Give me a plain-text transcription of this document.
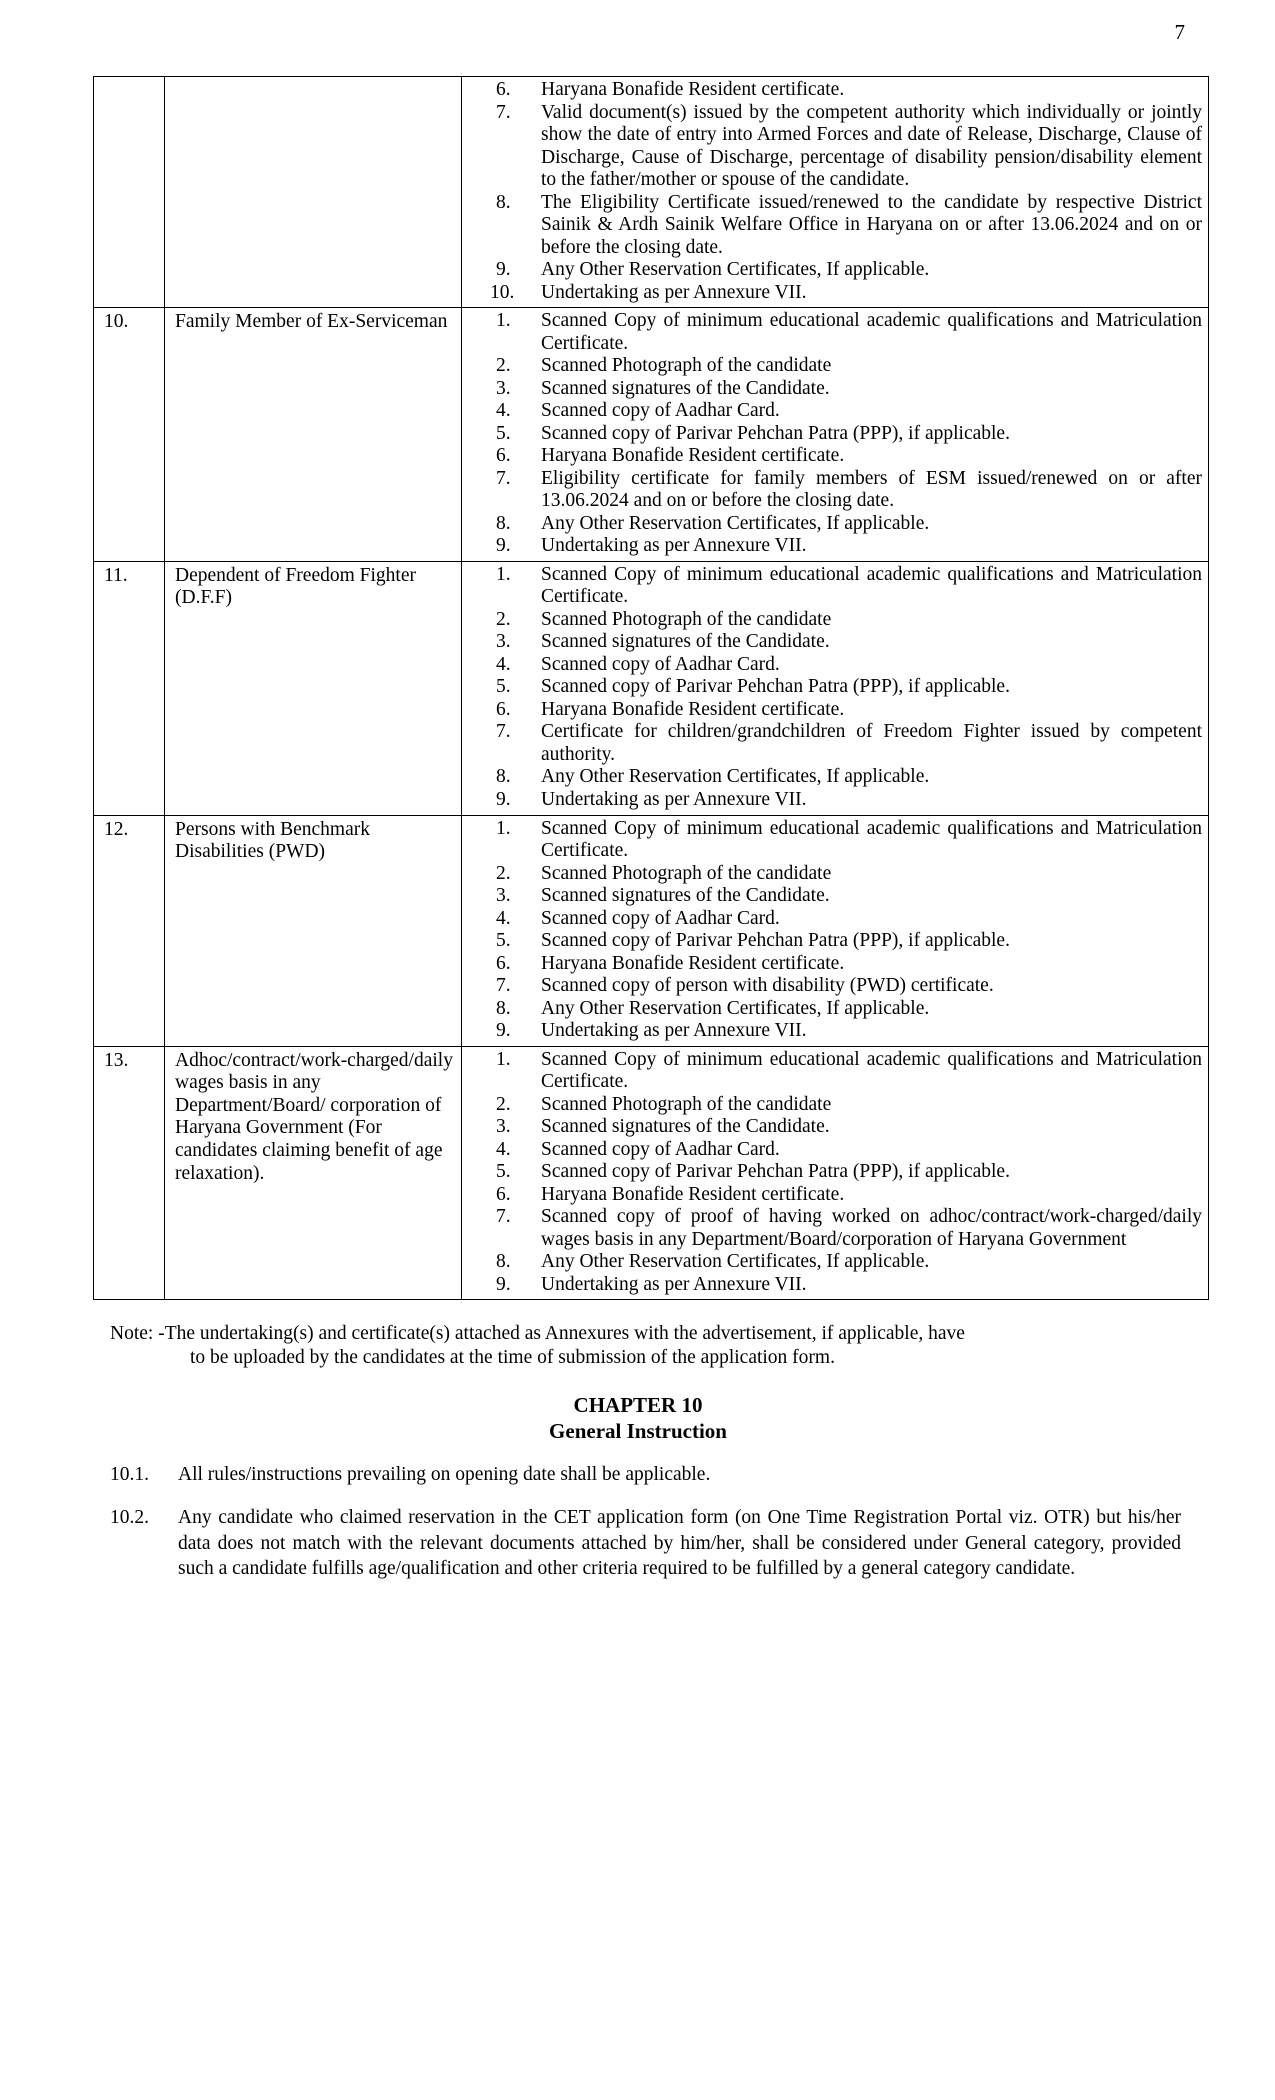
7

6.	Haryana Bonafide Resident certificate.
7.	Valid document(s) issued by the competent authority which individually or jointly show the date of entry into Armed Forces and date of Release, Discharge, Clause of Discharge, Cause of Discharge, percentage of disability pension/disability element to the father/mother or spouse of the candidate.
8.	The Eligibility Certificate issued/renewed to the candidate by respective District Sainik & Ardh Sainik Welfare Office in Haryana on or after 13.06.2024 and on or before the closing date.
9.	Any Other Reservation Certificates, If applicable.
10.	Undertaking as per Annexure VII.

10.	Family Member of Ex-Serviceman	1.	Scanned Copy of minimum educational academic qualifications and Matriculation Certificate.
2.	Scanned Photograph of the candidate
3.	Scanned signatures of the Candidate.
4.	Scanned copy of Aadhar Card.
5.	Scanned copy of Parivar Pehchan Patra (PPP), if applicable.
6.	Haryana Bonafide Resident certificate.
7.	Eligibility certificate for family members of ESM issued/renewed on or after 13.06.2024 and on or before the closing date.
8.	Any Other Reservation Certificates, If applicable.
9.	Undertaking as per Annexure VII.

11.	Dependent of Freedom Fighter (D.F.F)

1.	Scanned Copy of minimum educational academic qualifications and Matriculation Certificate.
2.	Scanned Photograph of the candidate
3.	Scanned signatures of the Candidate.
4.	Scanned copy of Aadhar Card.
5.	Scanned copy of Parivar Pehchan Patra (PPP), if applicable.
6.	Haryana Bonafide Resident certificate.
7.	Certificate for children/grandchildren of Freedom Fighter issued by competent authority.
8.	Any Other Reservation Certificates, If applicable.
9.	Undertaking as per Annexure VII.

12.	Persons with Benchmark Disabilities (PWD)

1.	Scanned Copy of minimum educational academic qualifications and Matriculation Certificate.
2.	Scanned Photograph of the candidate
3.	Scanned signatures of the Candidate.
4.	Scanned copy of Aadhar Card.
5.	Scanned copy of Parivar Pehchan Patra (PPP), if applicable.
6.	Haryana Bonafide Resident certificate.
7.	Scanned copy of person with disability (PWD) certificate.
8.	Any Other Reservation Certificates, If applicable.
9.	Undertaking as per Annexure VII.

13.	Adhoc/contract/work-charged/daily wages basis in any Department/Board/ corporation of Haryana Government (For candidates claiming benefit of age relaxation).

1.	Scanned Copy of minimum educational academic qualifications and Matriculation Certificate.
2.	Scanned Photograph of the candidate
3.	Scanned signatures of the Candidate.
4.	Scanned copy of Aadhar Card.
5.	Scanned copy of Parivar Pehchan Patra (PPP), if applicable.
6.	Haryana Bonafide Resident certificate.
7.	Scanned copy of proof of having worked on adhoc/contract/work-charged/daily wages basis in any Department/Board/corporation of Haryana Government
8.	Any Other Reservation Certificates, If applicable.
9.	Undertaking as per Annexure VII.
Note: -The undertaking(s) and certificate(s) attached as Annexures with the advertisement, if applicable, have
to be uploaded by the candidates at the time of submission of the application form.
CHAPTER 10
General Instruction
10.1. All rules/instructions prevailing on opening date shall be applicable.
10.2. Any candidate who claimed reservation in the CET application form (on One Time Registration Portal viz. OTR) but his/her data does not match with the relevant documents attached by him/her, shall be considered under General category, provided such a candidate fulfills age/qualification and other criteria required to be fulfilled by a general category candidate.
